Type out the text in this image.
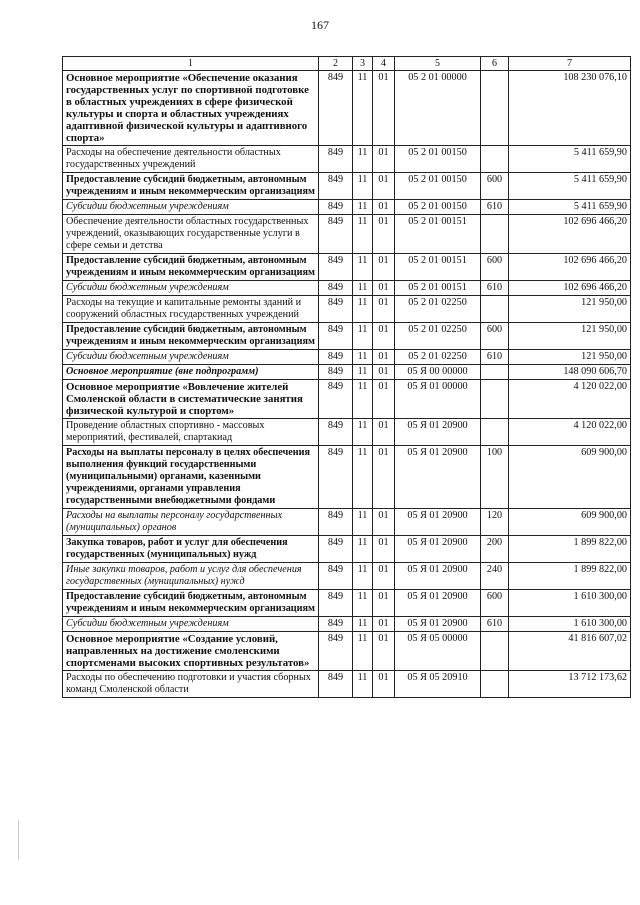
167
1	2	3	4	5	6	7
Основное мероприятие «Обеспечение оказания государственных услуг по спортивной подготовке в областных учреждениях в сфере физической культуры и спорта и областных учреждениях адаптивной физической культуры и адаптивного спорта»	849	11	01	05 2 01 00000		108 230 076,10
Расходы на обеспечение деятельности областных государственных учреждений	849	11	01	05 2 01 00150		5 411 659,90
Предоставление субсидий бюджетным, автономным учреждениям и иным некоммерческим организациям	849	11	01	05 2 01 00150	600	5 411 659,90
Субсидии бюджетным учреждениям	849	11	01	05 2 01 00150	610	5 411 659,90
Обеспечение деятельности областных государственных учреждений, оказывающих государственные услуги в сфере семьи и детства	849	11	01	05 2 01 00151		102 696 466,20
Предоставление субсидий бюджетным, автономным учреждениям и иным некоммерческим организациям	849	11	01	05 2 01 00151	600	102 696 466,20
Субсидии бюджетным учреждениям	849	11	01	05 2 01 00151	610	102 696 466,20
Расходы на текущие и капитальные ремонты зданий и сооружений областных государственных учреждений	849	11	01	05 2 01 02250		121 950,00
Предоставление субсидий бюджетным, автономным учреждениям и иным некоммерческим организациям	849	11	01	05 2 01 02250	600	121 950,00
Субсидии бюджетным учреждениям	849	11	01	05 2 01 02250	610	121 950,00
Основное мероприятие (вне подпрограмм)	849	11	01	05 Я 00 00000		148 090 606,70
Основное мероприятие «Вовлечение жителей Смоленской области в систематические занятия физической культурой и спортом»	849	11	01	05 Я 01 00000		4 120 022,00
Проведение областных спортивно - массовых мероприятий, фестивалей, спартакиад	849	11	01	05 Я 01 20900		4 120 022,00
Расходы на выплаты персоналу в целях обеспечения выполнения функций государственными (муниципальными) органами, казенными учреждениями, органами управления государственными внебюджетными фондами	849	11	01	05 Я 01 20900	100	609 900,00
Расходы на выплаты персоналу государственных (муниципальных) органов	849	11	01	05 Я 01 20900	120	609 900,00
Закупка товаров, работ и услуг для обеспечения государственных (муниципальных) нужд	849	11	01	05 Я 01 20900	200	1 899 822,00
Иные закупки товаров, работ и услуг для обеспечения государственных (муниципальных) нужд	849	11	01	05 Я 01 20900	240	1 899 822,00
Предоставление субсидий бюджетным, автономным учреждениям и иным некоммерческим организациям	849	11	01	05 Я 01 20900	600	1 610 300,00
Субсидии бюджетным учреждениям	849	11	01	05 Я 01 20900	610	1 610 300,00
Основное мероприятие «Создание условий, направленных на достижение смоленскими спортсменами высоких спортивных результатов»	849	11	01	05 Я 05 00000		41 816 607,02
Расходы по обеспечению подготовки и участия сборных команд Смоленской области	849	11	01	05 Я 05 20910		13 712 173,62
